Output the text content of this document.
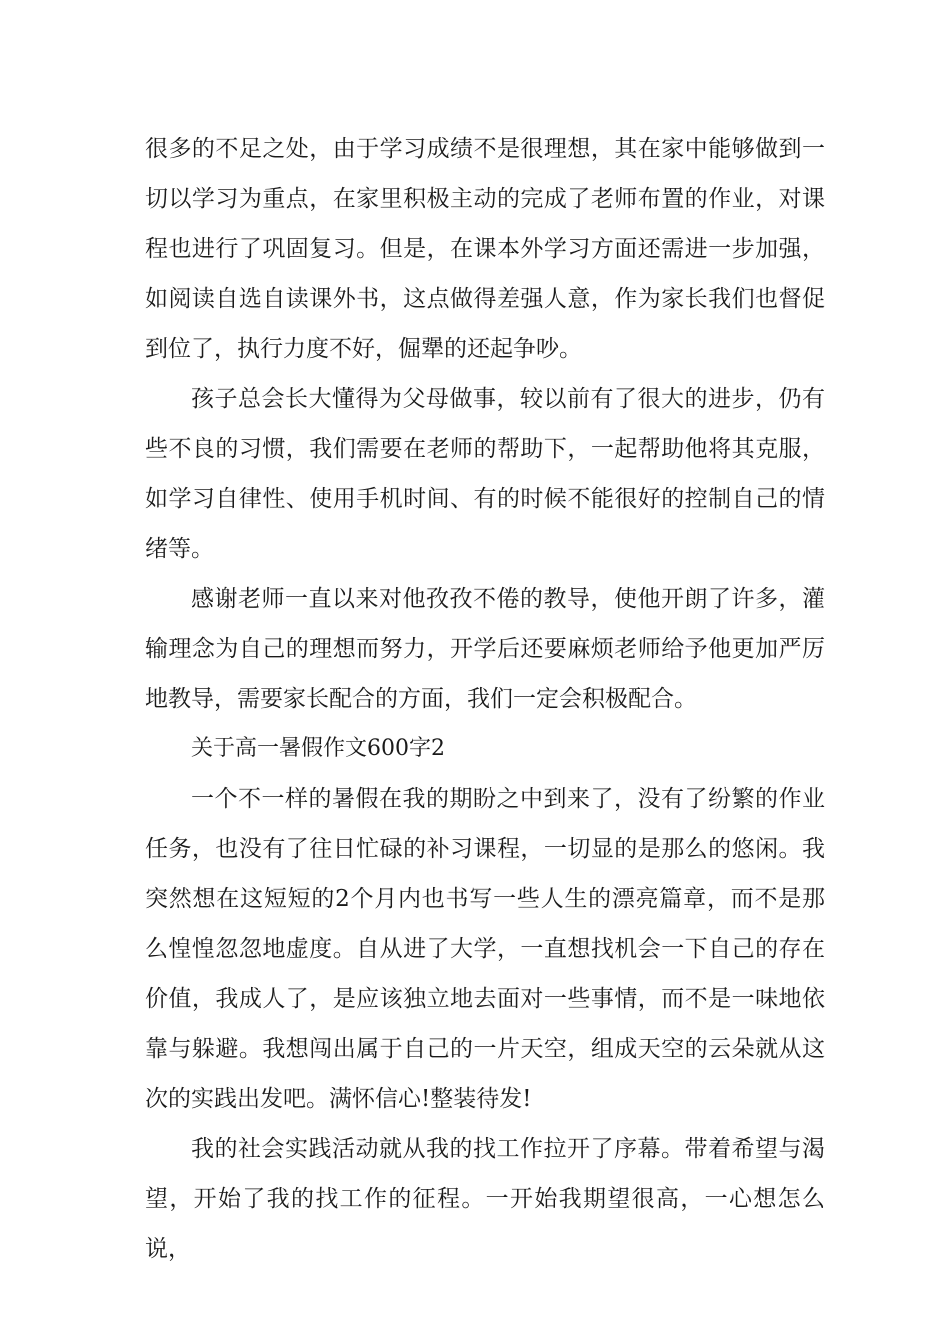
很多的不足之处，由于学习成绩不是很理想，其在家中能够做到一切以学习为重点，在家里积极主动的完成了老师布置的作业，对课程也进行了巩固复习。但是，在课本外学习方面还需进一步加强，如阅读自选自读课外书，这点做得差强人意，作为家长我们也督促到位了，执行力度不好，倔犟的还起争吵。

孩子总会长大懂得为父母做事，较以前有了很大的进步，仍有些不良的习惯，我们需要在老师的帮助下，一起帮助他将其克服，如学习自律性、使用手机时间、有的时候不能很好的控制自己的情绪等。

感谢老师一直以来对他孜孜不倦的教导，使他开朗了许多，灌输理念为自己的理想而努力，开学后还要麻烦老师给予他更加严厉地教导，需要家长配合的方面，我们一定会积极配合。

关于高一暑假作文600字2

一个不一样的暑假在我的期盼之中到来了，没有了纷繁的作业任务，也没有了往日忙碌的补习课程，一切显的是那么的悠闲。我突然想在这短短的2个月内也书写一些人生的漂亮篇章，而不是那么惶惶忽忽地虚度。自从进了大学，一直想找机会一下自己的存在价值，我成人了，是应该独立地去面对一些事情，而不是一味地依靠与躲避。我想闯出属于自己的一片天空，组成天空的云朵就从这次的实践出发吧。满怀信心!整装待发!

我的社会实践活动就从我的找工作拉开了序幕。带着希望与渴望，开始了我的找工作的征程。一开始我期望很高，一心想怎么说，
